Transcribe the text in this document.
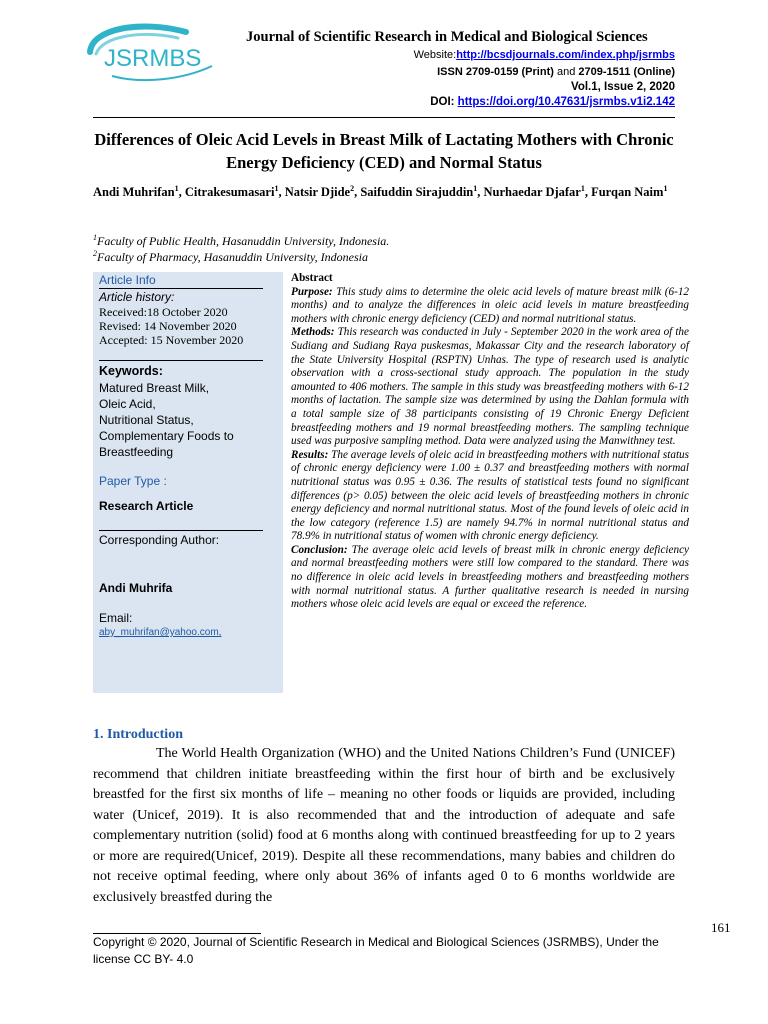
JSRMBS
Journal of Scientific Research in Medical and Biological Sciences
Website:http://bcsdjournals.com/index.php/jsrmbs
ISSN 2709-0159 (Print) and 2709-1511 (Online)
Vol.1, Issue 2, 2020
DOI: https://doi.org/10.47631/jsrmbs.v1i2.142
Differences of Oleic Acid Levels in Breast Milk of Lactating Mothers with Chronic Energy Deficiency (CED) and Normal Status
Andi Muhrifan$^1$, Citrakesumasari$^1$, Natsir Djide$^2$, Saifuddin Sirajuddin$^1$, Nurhaedar Djafar$^1$, Furqan Naim$^1$
$^1$Faculty of Public Health, Hasanuddin University, Indonesia.
$^2$Faculty of Pharmacy, Hasanuddin University, Indonesia
Article Info
Article history:
Received:18 October 2020
Revised: 14 November 2020
Accepted: 15 November 2020
Keywords:
Matured Breast Milk,
Oleic Acid,
Nutritional Status,
Complementary Foods to Breastfeeding
Paper Type :
Research Article
Corresponding Author:
Andi Muhrifa
Email:
aby_muhrifan@yahoo.com,

Abstract

Purpose: This study aims to determine the oleic acid levels of mature breast milk (6-12 months) and to analyze the differences in oleic acid levels in mature breastfeeding mothers with chronic energy deficiency (CED) and normal nutritional status.

Methods: This research was conducted in July - September 2020 in the work area of the Sudiang and Sudiang Raya puskesmas, Makassar City and the research laboratory of the State University Hospital (RSPTN) Unhas. The type of research used is analytic observation with a cross-sectional study approach. The population in the study amounted to 406 mothers. The sample in this study was breastfeeding mothers with 6-12 months of lactation. The sample size was determined by using the Dahlan formula with a total sample size of 38 participants consisting of 19 Chronic Energy Deficient breastfeeding mothers and 19 normal breastfeeding mothers. The sampling technique used was purposive sampling method. Data were analyzed using the Manwithney test.

Results: The average levels of oleic acid in breastfeeding mothers with nutritional status of chronic energy deficiency were 1.00 ± 0.37 and breastfeeding mothers with normal nutritional status was 0.95 ± 0.36. The results of statistical tests found no significant differences (p> 0.05) between the oleic acid levels of breastfeeding mothers in chronic energy deficiency and normal nutritional status. Most of the found levels of oleic acid in the low category (reference 1.5) are namely 94.7% in normal nutritional status and 78.9% in nutritional status of women with chronic energy deficiency.

Conclusion: The average oleic acid levels of breast milk in chronic energy deficiency and normal breastfeeding mothers were still low compared to the standard. There was no difference in oleic acid levels in breastfeeding mothers and breastfeeding mothers with normal nutritional status. A further qualitative research is needed in nursing mothers whose oleic acid levels are equal or exceed the reference.

1. Introduction
The World Health Organization (WHO) and the United Nations Children’s Fund (UNICEF) recommend that children initiate breastfeeding within the first hour of birth and be exclusively breastfed for the first six months of life – meaning no other foods or liquids are provided, including water (Unicef, 2019). It is also recommended that and the introduction of adequate and safe complementary nutrition (solid) food at 6 months along with continued breastfeeding for up to 2 years or more are required(Unicef, 2019). Despite all these recommendations, many babies and children do not receive optimal feeding, where only about 36% of infants aged 0 to 6 months worldwide are exclusively breastfed during the
161
Copyright © 2020, Journal of Scientific Research in Medical and Biological Sciences (JSRMBS), Under the license CC BY- 4.0
